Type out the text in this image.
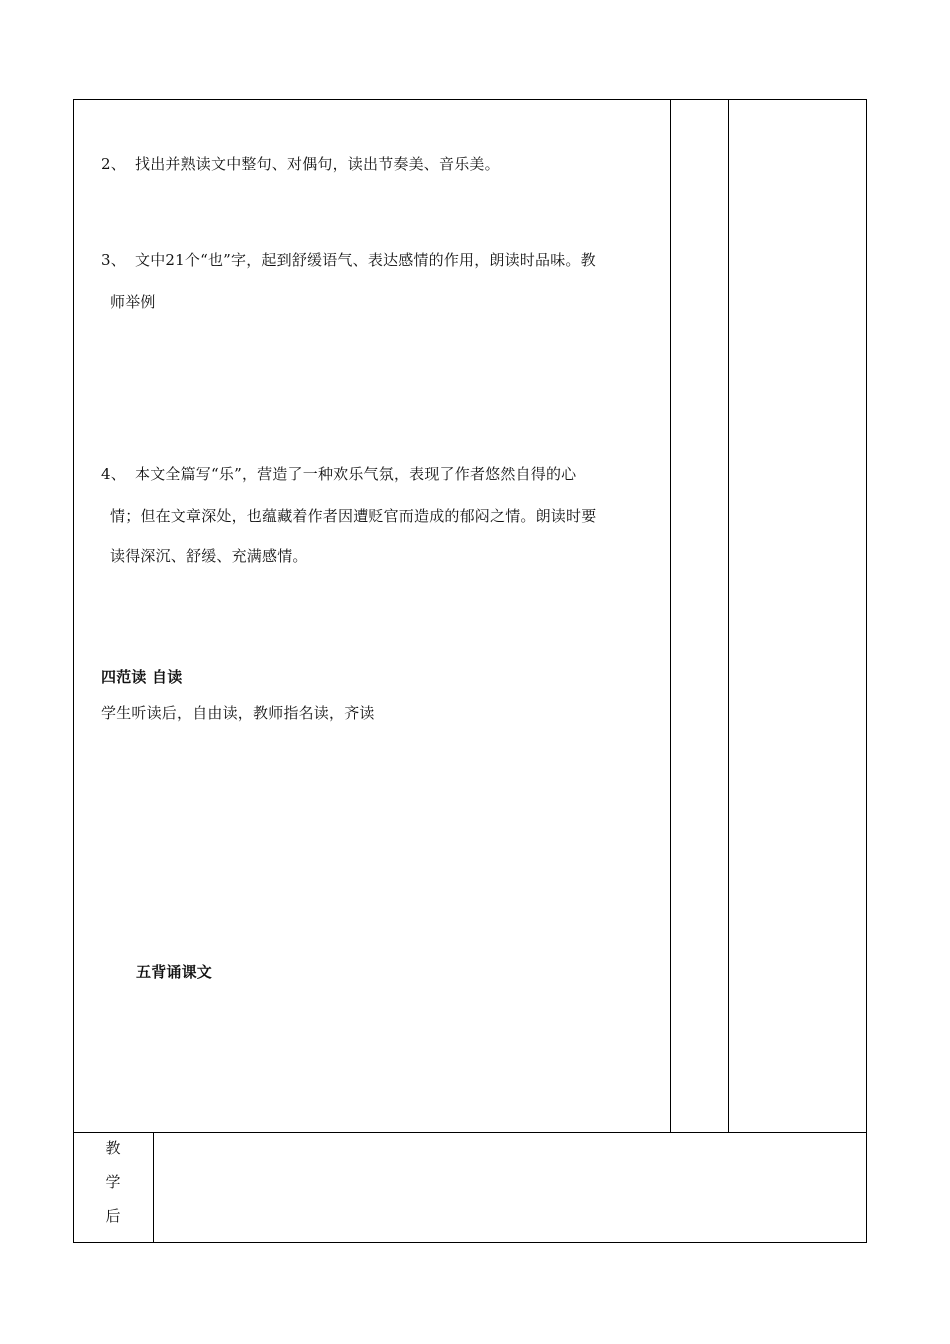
2、 找出并熟读文中整句、对偶句，读出节奏美、音乐美。
3、 文中21个“也”字，起到舒缓语气、表达感情的作用，朗读时品味。教
师举例
4、 本文全篇写“乐”，营造了一种欢乐气氛，表现了作者悠然自得的心
情；但在文章深处，也蕴藏着作者因遭贬官而造成的郁闷之情。朗读时要
读得深沉、舒缓、充满感情。
四范读 自读
学生听读后，自由读，教师指名读，齐读
五背诵课文
教
学
后
